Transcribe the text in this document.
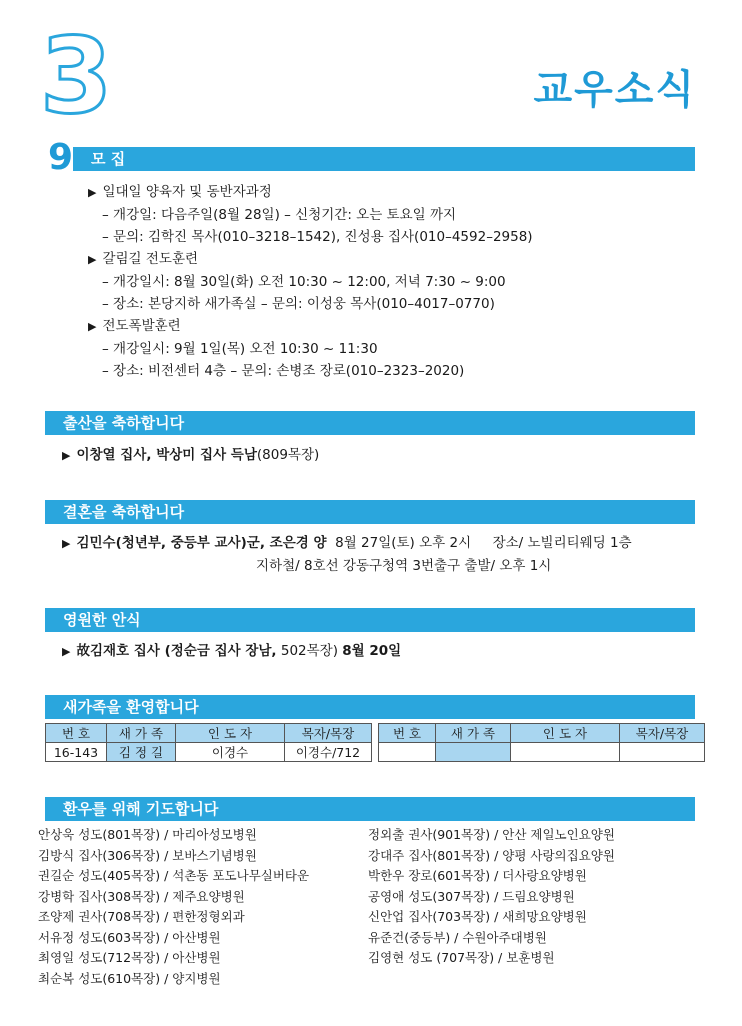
3	교우소식
9	모 집
▶ 일대일 양육자 및 동반자과정
– 개강일: 다음주일(8월 28일) – 신청기간: 오는 토요일 까지
– 문의: 김학진 목사(010–3218–1542), 진성용 집사(010–4592–2958)
▶ 갈림길 전도훈련
– 개강일시: 8월 30일(화) 오전 10:30 ~ 12:00, 저녁 7:30 ~ 9:00
– 장소: 본당지하 새가족실 – 문의: 이성웅 목사(010–4017–0770)
▶ 전도폭발훈련
– 개강일시: 9월 1일(목) 오전 10:30 ~ 11:30
– 장소: 비전센터 4층 – 문의: 손병조 장로(010–2323–2020)
출산을 축하합니다
▶ 이창열 집사, 박상미 집사 득남(809목장)
결혼을 축하합니다
▶ 김민수(청년부, 중등부 교사)군, 조은경 양  8월 27일(토) 오후 2시     장소/ 노빌리티웨딩 1층
지하철/ 8호선 강동구청역 3번출구 출발/ 오후 1시
영원한 안식
▶ 故김재호 집사 (정순금 집사 장남, 502목장) 8월 20일
새가족을 환영합니다
번 호	새 가 족	인 도 자	목자/목장		번 호	새 가 족	인 도 자	목자/목장
16-143	김 정 길	이경수	이경수/712					
환우를 위해 기도합니다
안상욱 성도(801목장) / 마리아성모병원
김방식 집사(306목장) / 보바스기념병원
권길순 성도(405목장) / 석촌동 포도나무실버타운
강병학 집사(308목장) / 제주요양병원
조양제 권사(708목장) / 편한정형외과
서유정 성도(603목장) / 아산병원
최영일 성도(712목장) / 아산병원
최순복 성도(610목장) / 양지병원
정외출 권사(901목장) / 안산 제일노인요양원
강대주 집사(801목장) / 양평 사랑의집요양원
박한우 장로(601목장) / 더사랑요양병원
공영애 성도(307목장) / 드림요양병원
신안업 집사(703목장) / 새희망요양병원
유준건(중등부) / 수원아주대병원
김영현 성도 (707목장) / 보훈병원
